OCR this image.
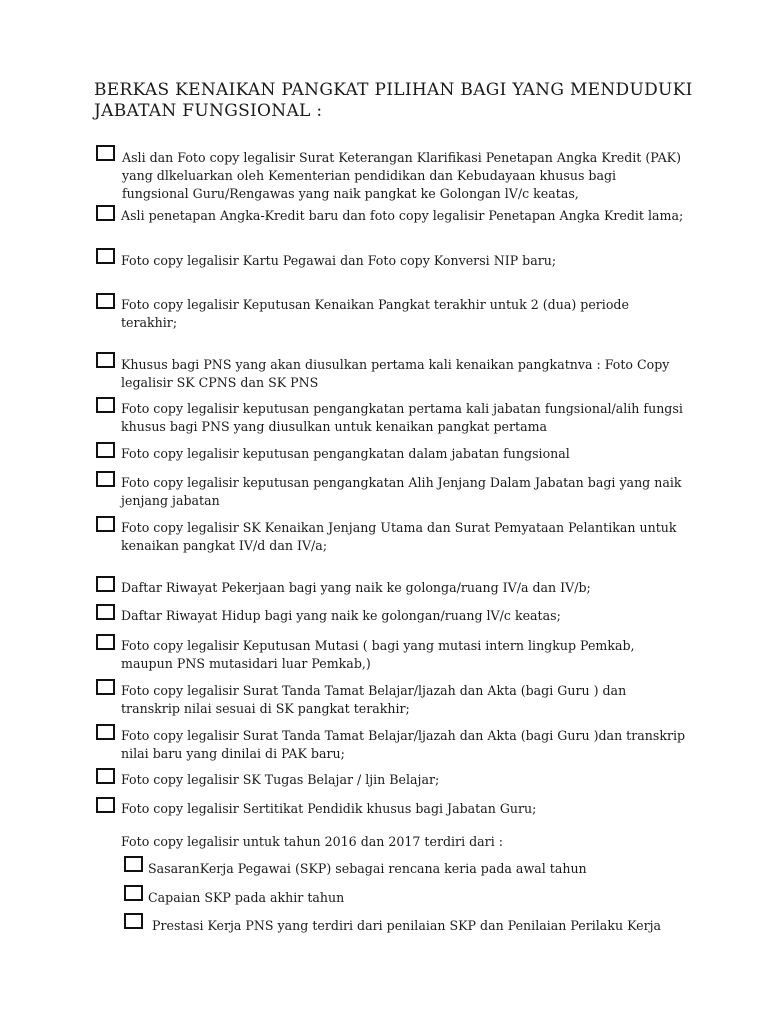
BERKAS KENAIKAN PANGKAT PILIHAN BAGI YANG MENDUDUKI
JABATAN FUNGSIONAL :
Asli dan Foto copy legalisir Surat Keterangan Klarifikasi Penetapan Angka Kredit (PAK) yang dlkeluarkan oleh Kementerian pendidikan dan Kebudayaan khusus bagi fungsional Guru/Rengawas yang naik pangkat ke Golongan lV/c keatas,
Asli penetapan Angka-Kredit baru dan foto copy legalisir Penetapan Angka Kredit lama;
Foto copy legalisir Kartu Pegawai dan Foto copy Konversi NIP baru;
Foto copy legalisir Keputusan Kenaikan Pangkat terakhir untuk 2 (dua) periode terakhir;
Khusus bagi PNS yang akan diusulkan pertama kali kenaikan pangkatnva : Foto Copy legalisir SK CPNS dan SK PNS
Foto copy legalisir keputusan pengangkatan pertama kali jabatan fungsional/alih fungsi khusus bagi PNS yang diusulkan untuk kenaikan pangkat pertama
Foto copy legalisir keputusan pengangkatan dalam jabatan fungsional
Foto copy legalisir keputusan pengangkatan Alih Jenjang Dalam Jabatan bagi yang naik jenjang jabatan
Foto copy legalisir SK Kenaikan Jenjang Utama dan Surat Pemyataan Pelantikan untuk kenaikan pangkat IV/d dan IV/a;
Daftar Riwayat Pekerjaan bagi yang naik ke golonga/ruang IV/a dan IV/b;
Daftar Riwayat Hidup bagi yang naik ke golongan/ruang lV/c keatas;
Foto copy legalisir Keputusan Mutasi ( bagi yang mutasi intern lingkup Pemkab, maupun PNS mutasidari luar Pemkab,)
Foto copy legalisir Surat Tanda Tamat Belajar/ljazah dan Akta (bagi Guru ) dan transkrip nilai sesuai di SK pangkat terakhir;
Foto copy legalisir Surat Tanda Tamat Belajar/ljazah dan Akta (bagi Guru )dan transkrip nilai baru yang dinilai di PAK baru;
Foto copy legalisir SK Tugas Belajar / ljin Belajar;
Foto copy legalisir Sertitikat Pendidik khusus bagi Jabatan Guru;
Foto copy legalisir untuk tahun 2016 dan 2017 terdiri dari :
SasaranKerja Pegawai (SKP) sebagai rencana keria pada awal tahun
Capaian SKP pada akhir tahun
Prestasi Kerja PNS yang terdiri dari penilaian SKP dan Penilaian Perilaku Kerja
